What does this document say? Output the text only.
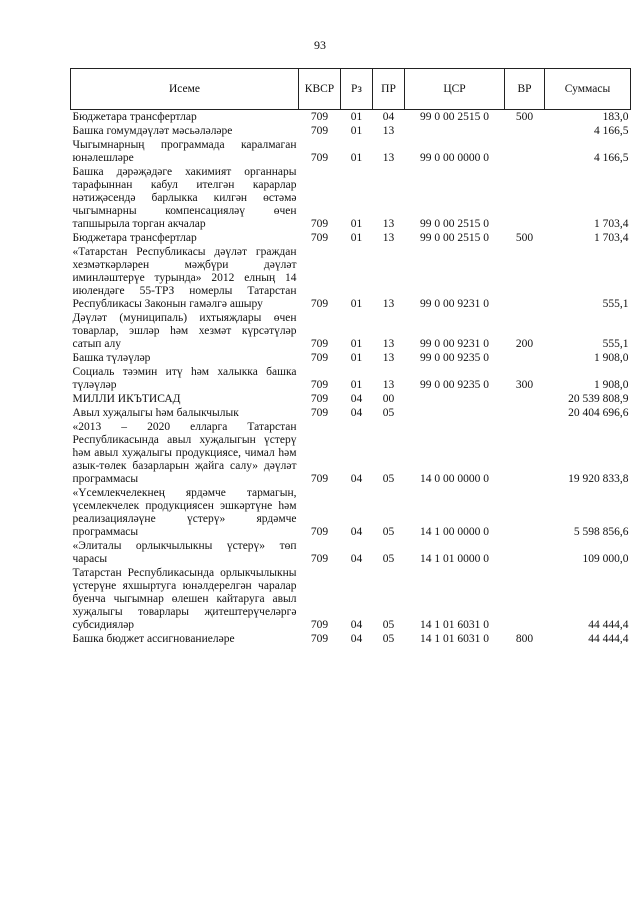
93
Исеме	КВСР	Рз	ПР	ЦСР	ВР	Суммасы
Бюджетара трансфертлар	709	01	04	99 0 00 2515 0	500	183,0
Башка гомумдәүләт мәсьәләләре	709	01	13			4 166,5
Чыгымнарның программада каралмаган юнәлешләре	709	01	13	99 0 00 0000 0		4 166,5
Башка дәрәҗәдәге хакимият органнары тарафыннан кабул ителгән карарлар нәтиҗәсендә барлыкка килгән өстәмә чыгымнарны компенсацияләү өчен тапшырыла торган акчалар	709	01	13	99 0 00 2515 0		1 703,4
Бюджетара трансфертлар	709	01	13	99 0 00 2515 0	500	1 703,4
«Татарстан Республикасы дәүләт граждан хезмәткәрләрен мәҗбүри дәүләт иминләштерүе турында» 2012 елның 14 июлендәге 55-ТРЗ номерлы Татарстан Республикасы Законын гамәлгә ашыру	709	01	13	99 0 00 9231 0		555,1
Дәүләт (муниципаль) ихтыяҗлары өчен товарлар, эшләр һәм хезмәт күрсәтүләр сатып алу	709	01	13	99 0 00 9231 0	200	555,1
Башка түләүләр	709	01	13	99 0 00 9235 0		1 908,0
Социаль тәэмин итү һәм халыкка башка түләүләр	709	01	13	99 0 00 9235 0	300	1 908,0
МИЛЛИ ИКЪТИСАД	709	04	00			20 539 808,9
Авыл хуҗалыгы һәм балыкчылык	709	04	05			20 404 696,6
«2013 – 2020 елларга Татарстан Республикасында авыл хуҗалыгын үстерү һәм авыл хуҗалыгы продукциясе, чимал һәм азык-төлек базарларын җайга салу» дәүләт программасы	709	04	05	14 0 00 0000 0		19 920 833,8
«Үсемлекчелекнең ярдәмче тармагын, үсемлекчелек продукциясен эшкәртүне һәм реализацияләүне үстерү» ярдәмче программасы	709	04	05	14 1 00 0000 0		5 598 856,6
«Элиталы орлыкчылыкны үстерү» төп чарасы	709	04	05	14 1 01 0000 0		109 000,0
Татарстан Республикасында орлыкчылыкны үстерүне яхшыртуга юнәлдерелгән чаралар буенча чыгымнар өлешен кайтаруга авыл хуҗалыгы товарлары җитештерүчеләргә субсидияләр	709	04	05	14 1 01 6031 0		44 444,4
Башка бюджет ассигнованиеләре	709	04	05	14 1 01 6031 0	800	44 444,4
